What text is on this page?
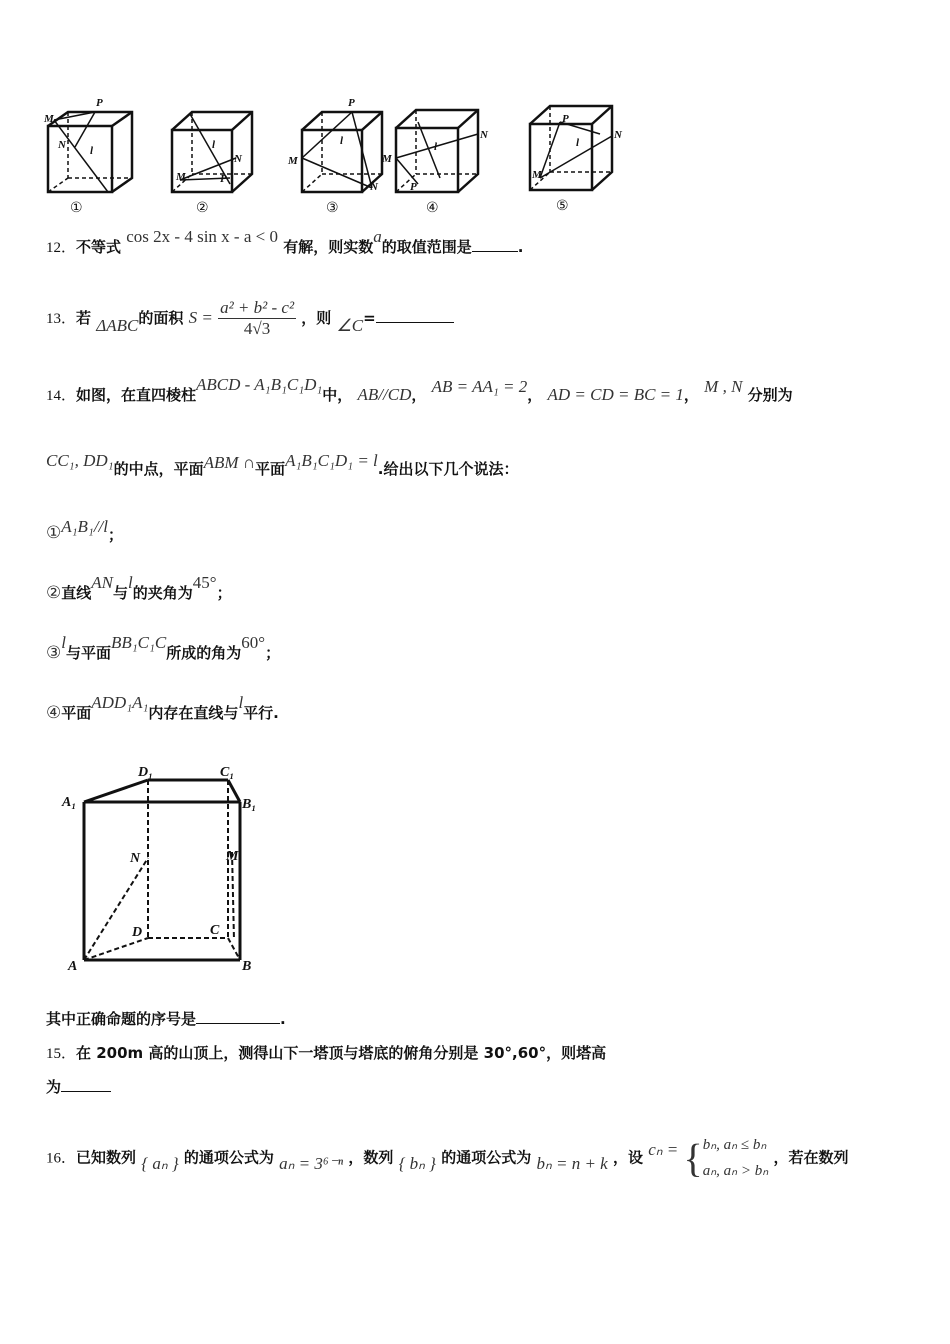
M
P
N l
M
N
P
l
P
M
N
l	N
M
P
l
P
N
M
l
①	②	③	④	⑤
12．不等式 cos 2x - 4 sin x - a < 0 有解，则实数a的取值范围是	.
13．若 ΔABC的面积 $S = \frac{\text{a² + b² - c²}}{4√3}$ ，则 ∠C=
14．如图，在直四棱柱ABCD - A₁B₁C₁D₁中， AB//CD， AB = AA₁ = 2， AD = CD = BC = 1， M , N 分别为
CC₁, DD₁的中点，平面ABM ∩平面A₁B₁C₁D₁ = l.给出以下几个说法：
①A₁B₁//l；
②直线AN与l的夹角为45°；
③l与平面BB₁C₁C所成的角为60°；
④平面ADD₁A₁内存在直线与l平行.
A₁
D₁	C₁
B₁
N	M
D	C
A	B
其中正确命题的序号是	.
15．在 200m 高的山顶上，测得山下一塔顶与塔底的俯角分别是 30°,60°，则塔高
为
16．已知数列 { aₙ } 的通项公式为 aₙ = 3⁶⁻ⁿ ，数列 { bₙ } 的通项公式为 bₙ = n + k ，设 cₙ = { bₙ, aₙ ≤ bₙ
aₙ, aₙ > bₙ
，若在数列
